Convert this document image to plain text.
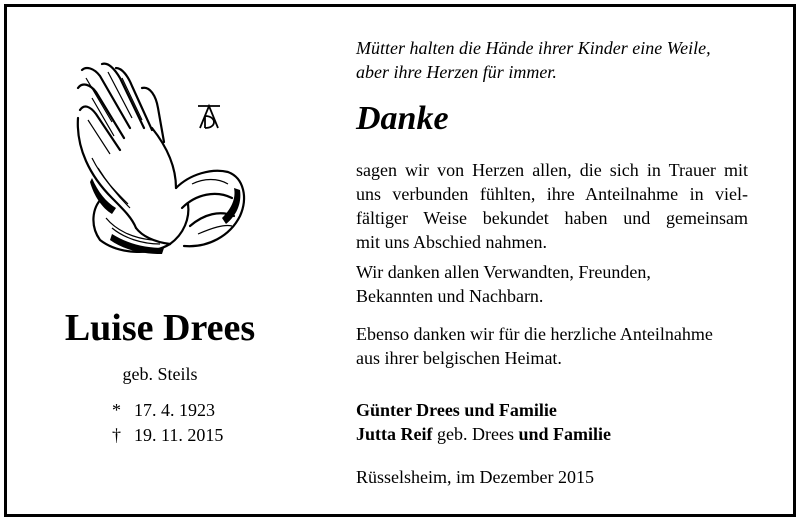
Luise Drees
geb. Steils
* 17. 4. 1923
† 19. 11. 2015
Mütter halten die Hände ihrer Kinder eine Weile,
aber ihre Herzen für immer.
Danke
sagen wir von Herzen allen, die sich in Trauer mit
uns verbunden fühlten, ihre Anteilnahme in viel-
fältiger Weise bekundet haben und gemeinsam
mit uns Abschied nahmen.
Wir danken allen Verwandten, Freunden,
Bekannten und Nachbarn.
Ebenso danken wir für die herzliche Anteilnahme
aus ihrer belgischen Heimat.
Günter Drees und Familie
Jutta Reif geb. Drees und Familie
Rüsselsheim, im Dezember 2015
